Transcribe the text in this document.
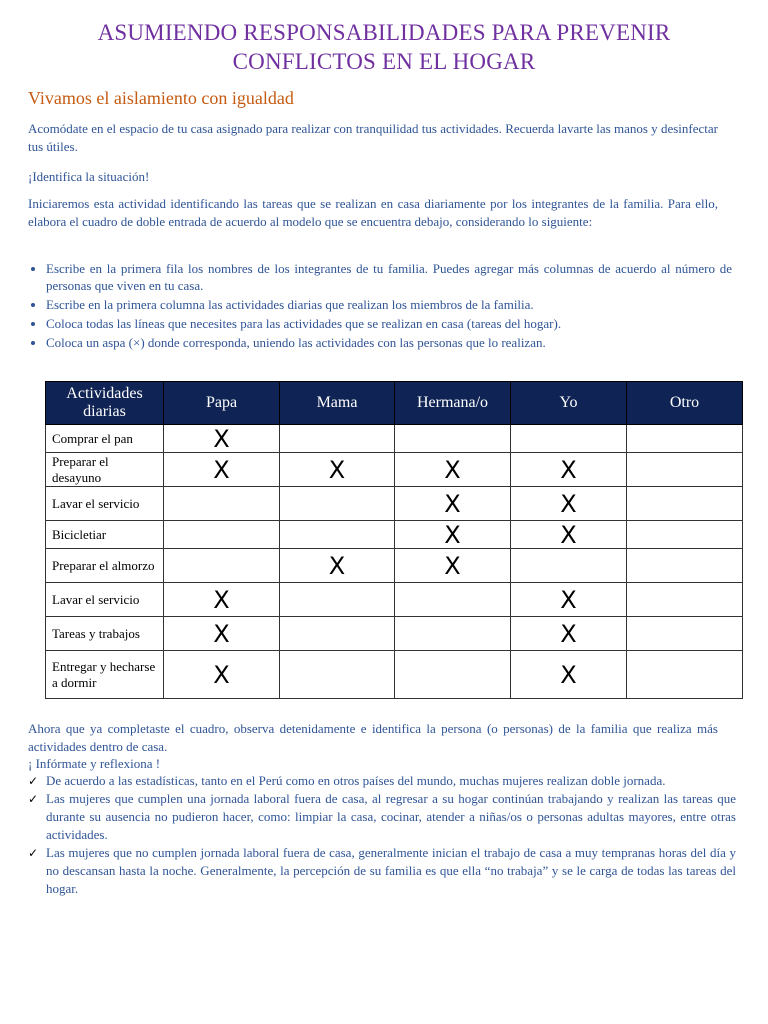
ASUMIENDO RESPONSABILIDADES PARA PREVENIR
CONFLICTOS EN EL HOGAR
Vivamos el aislamiento con igualdad
Acomódate en el espacio de tu casa asignado para realizar con tranquilidad tus actividades. Recuerda lavarte las manos y desinfectar tus útiles.
¡Identifica la situación!
Iniciaremos esta actividad identificando las tareas que se realizan en casa diariamente por los integrantes de la familia. Para ello, elabora el cuadro de doble entrada de acuerdo al modelo que se encuentra debajo, considerando lo siguiente:
Escribe en la primera fila los nombres de los integrantes de tu familia. Puedes agregar más columnas de acuerdo al número de personas que viven en tu casa.
Escribe en la primera columna las actividades diarias que realizan los miembros de la familia.
Coloca todas las líneas que necesites para las actividades que se realizan en casa (tareas del hogar).
Coloca un aspa (×) donde corresponda, uniendo las actividades con las personas que lo realizan.
Actividades diarias	Papa	Mama	Hermana/o	Yo	Otro
Comprar el pan	X				
Preparar el desayuno	X	X	X	X	
Lavar el servicio			X	X	
Bicicletiar			X	X	
Preparar el almorzo		X	X		
Lavar el servicio	X			X	
Tareas y trabajos	X			X	
Entregar y hecharse a dormir	X			X	
Ahora que ya completaste el cuadro, observa detenidamente e identifica la persona (o personas) de la familia que realiza más actividades dentro de casa.
¡ Infórmate y reflexiona !
✓ De acuerdo a las estadísticas, tanto en el Perú como en otros países del mundo, muchas mujeres realizan doble jornada.
✓ Las mujeres que cumplen una jornada laboral fuera de casa, al regresar a su hogar continúan trabajando y realizan las tareas que durante su ausencia no pudieron hacer, como: limpiar la casa, cocinar, atender a niñas/os o personas adultas mayores, entre otras actividades.
✓ Las mujeres que no cumplen jornada laboral fuera de casa, generalmente inician el trabajo de casa a muy tempranas horas del día y no descansan hasta la noche. Generalmente, la percepción de su familia es que ella “no trabaja” y se le carga de todas las tareas del hogar.
